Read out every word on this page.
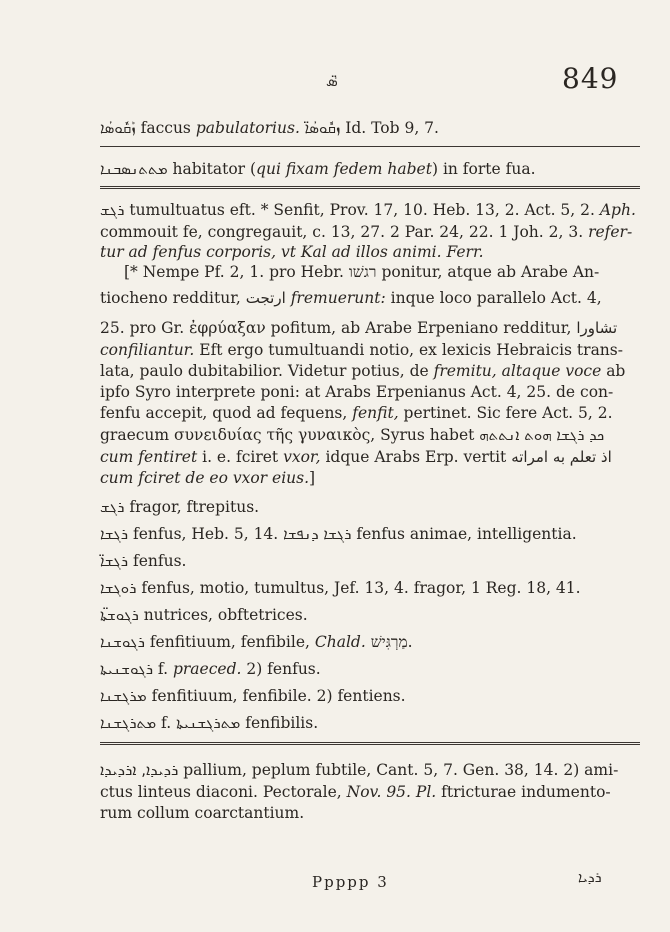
ܣ̈݁	849
ܙܰܩܽܘܣܳܐ faccus pabulatorius. ܙܩܽܘܣܳܐ̈ Id. Tob 9, 7.
ܡܬܬܢܣܒܢܐ habitator (qui fixam fedem habet) in forte fua.
ܪܓܫ tumultuatus eft. * Senfit, Prov. 17, 10. Heb. 13, 2. Act. 5, 2. Aph.
commouit fe, congregauit, c. 13, 27. 2 Par. 24, 22. 1 Joh. 2, 3. refer-
tur ad fenfus corporis, vt Kal ad illos animi. Ferr.
[* Nempe Pf. 2, 1. pro Hebr. רגשׁו ponitur, atque ab Arabe An-
tiocheno redditur, ارتجت fremuerunt: inque loco parallelo Act. 4,
25. pro Gr. ἐφρύαξαν pofitum, ab Arabe Erpeniano redditur, تشاورا
confiliantur. Eft ergo tumultuandi notio, ex lexicis Hebraicis trans-
lata, paulo dubitabilior. Videtur potius, de fremitu, altaque voce ab
ipfo Syro interprete poni: at Arabs Erpenianus Act. 4, 25. de con-
fenfu accepit, quod ad fequens, fenfit, pertinet. Sic fere Act. 5, 2.
graecum συνειδυίας τῆς γυναικὸς, Syrus habet ܟܕ ܪܓܫܐ ܗܘܬ ܐܢܬܬܗ
cum fentiret i. e. fciret vxor, idque Arabs Erp. vertit اذ تعلم به امراته
cum fciret de eo vxor eius.]
ܪܓܫ fragor, ftrepitus.
ܪܓܫܐ fenfus, Heb. 5, 14. ܪܓܫܐ ܕܢܦܫܐ fenfus animae, intelligentia.
ܪܓܫܐ̈ fenfus.
ܪܘܓܫܐ fenfus, motio, tumultus, Jef. 13, 4. fragor, 1 Reg. 18, 41.
ܪܓܘܫܬܐ̈ nutrices, obftetrices.
ܪܓܘܫܢܐ fenfitiuum, fenfibile, Chald. מַרְגִּישׁ.
ܪܓܘܫܢܝܬܐ f. praeced. 2) fenfus.
ܡܪܓܫܢܐ fenfitiuum, fenfibile. 2) fentiens.
ܡܬܪܓܫܢܐ f. ܡܬܪܓܫܢܝܬܐ fenfibilis.
ܪܕܝܕܐ, ܐܪܕܝܕܐ pallium, peplum fubtile, Cant. 5, 7. Gen. 38, 14. 2) ami-
ctus linteus diaconi. Pectorale, Nov. 95. Pl. ftricturae indumento-
rum collum coarctantium.
Ppppp 3	ܪܕܝܐ
